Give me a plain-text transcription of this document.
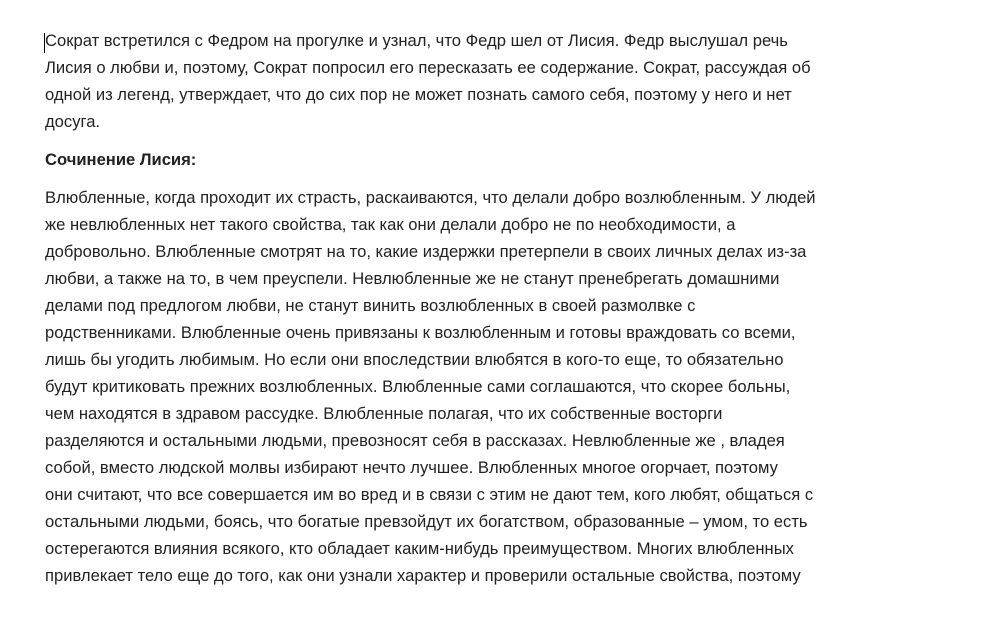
Сократ встретился с Федром на прогулке и узнал, что Федр шел от Лисия. Федр выслушал речь
Лисия о любви и, поэтому, Сократ попросил его пересказать ее содержание. Сократ, рассуждая об
одной из легенд, утверждает, что до сих пор не может познать самого себя, поэтому у него и нет
досуга.
Сочинение Лисия:
Влюбленные, когда проходит их страсть, раскаиваются, что делали добро возлюбленным. У людей
же невлюбленных нет такого свойства, так как они делали добро не по необходимости, а
добровольно. Влюбленные смотрят на то, какие издержки претерпели в своих личных делах из-за
любви, а также на то, в чем преуспели. Невлюбленные же не станут пренебрегать домашними
делами под предлогом любви, не станут винить возлюбленных в своей размолвке с
родственниками. Влюбленные очень привязаны к возлюбленным и готовы враждовать со всеми,
лишь бы угодить любимым. Но если они впоследствии влюбятся в кого-то еще, то обязательно
будут критиковать прежних возлюбленных. Влюбленные сами соглашаются, что скорее больны,
чем находятся в здравом рассудке. Влюбленные полагая, что их собственные восторги
разделяются и остальными людьми, превозносят себя в рассказах. Невлюбленные же , владея
собой, вместо людской молвы избирают нечто лучшее. Влюбленных многое огорчает, поэтому
они считают, что все совершается им во вред и в связи с этим не дают тем, кого любят, общаться с
остальными людьми, боясь, что богатые превзойдут их богатством, образованные – умом, то есть
остерегаются влияния всякого, кто обладает каким-нибудь преимуществом. Многих влюбленных
привлекает тело еще до того, как они узнали характер и проверили остальные свойства, поэтому
